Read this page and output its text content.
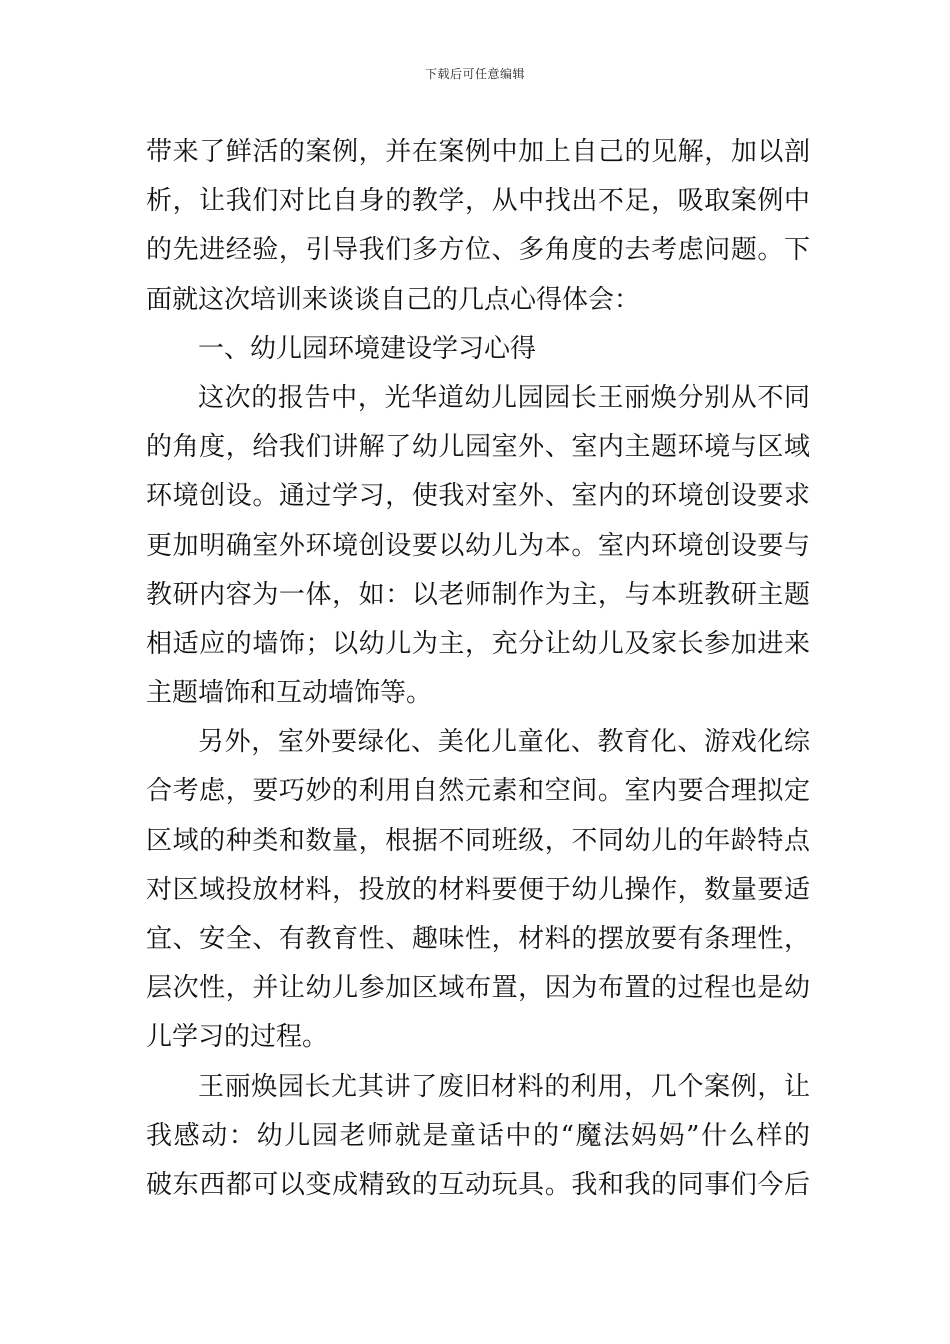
下载后可任意编辑
带来了鲜活的案例，并在案例中加上自己的见解，加以剖
析，让我们对比自身的教学，从中找出不足，吸取案例中
的先进经验，引导我们多方位、多角度的去考虑问题。下
面就这次培训来谈谈自己的几点心得体会：
一、幼儿园环境建设学习心得
这次的报告中，光华道幼儿园园长王丽焕分别从不同
的角度，给我们讲解了幼儿园室外、室内主题环境与区域
环境创设。通过学习，使我对室外、室内的环境创设要求
更加明确室外环境创设要以幼儿为本。室内环境创设要与
教研内容为一体，如：以老师制作为主，与本班教研主题
相适应的墙饰；以幼儿为主，充分让幼儿及家长参加进来
主题墙饰和互动墙饰等。
另外，室外要绿化、美化儿童化、教育化、游戏化综
合考虑，要巧妙的利用自然元素和空间。室内要合理拟定
区域的种类和数量，根据不同班级，不同幼儿的年龄特点
对区域投放材料，投放的材料要便于幼儿操作，数量要适
宜、安全、有教育性、趣味性，材料的摆放要有条理性，
层次性，并让幼儿参加区域布置，因为布置的过程也是幼
儿学习的过程。
王丽焕园长尤其讲了废旧材料的利用，几个案例，让
我感动：幼儿园老师就是童话中的“魔法妈妈”什么样的
破东西都可以变成精致的互动玩具。我和我的同事们今后
